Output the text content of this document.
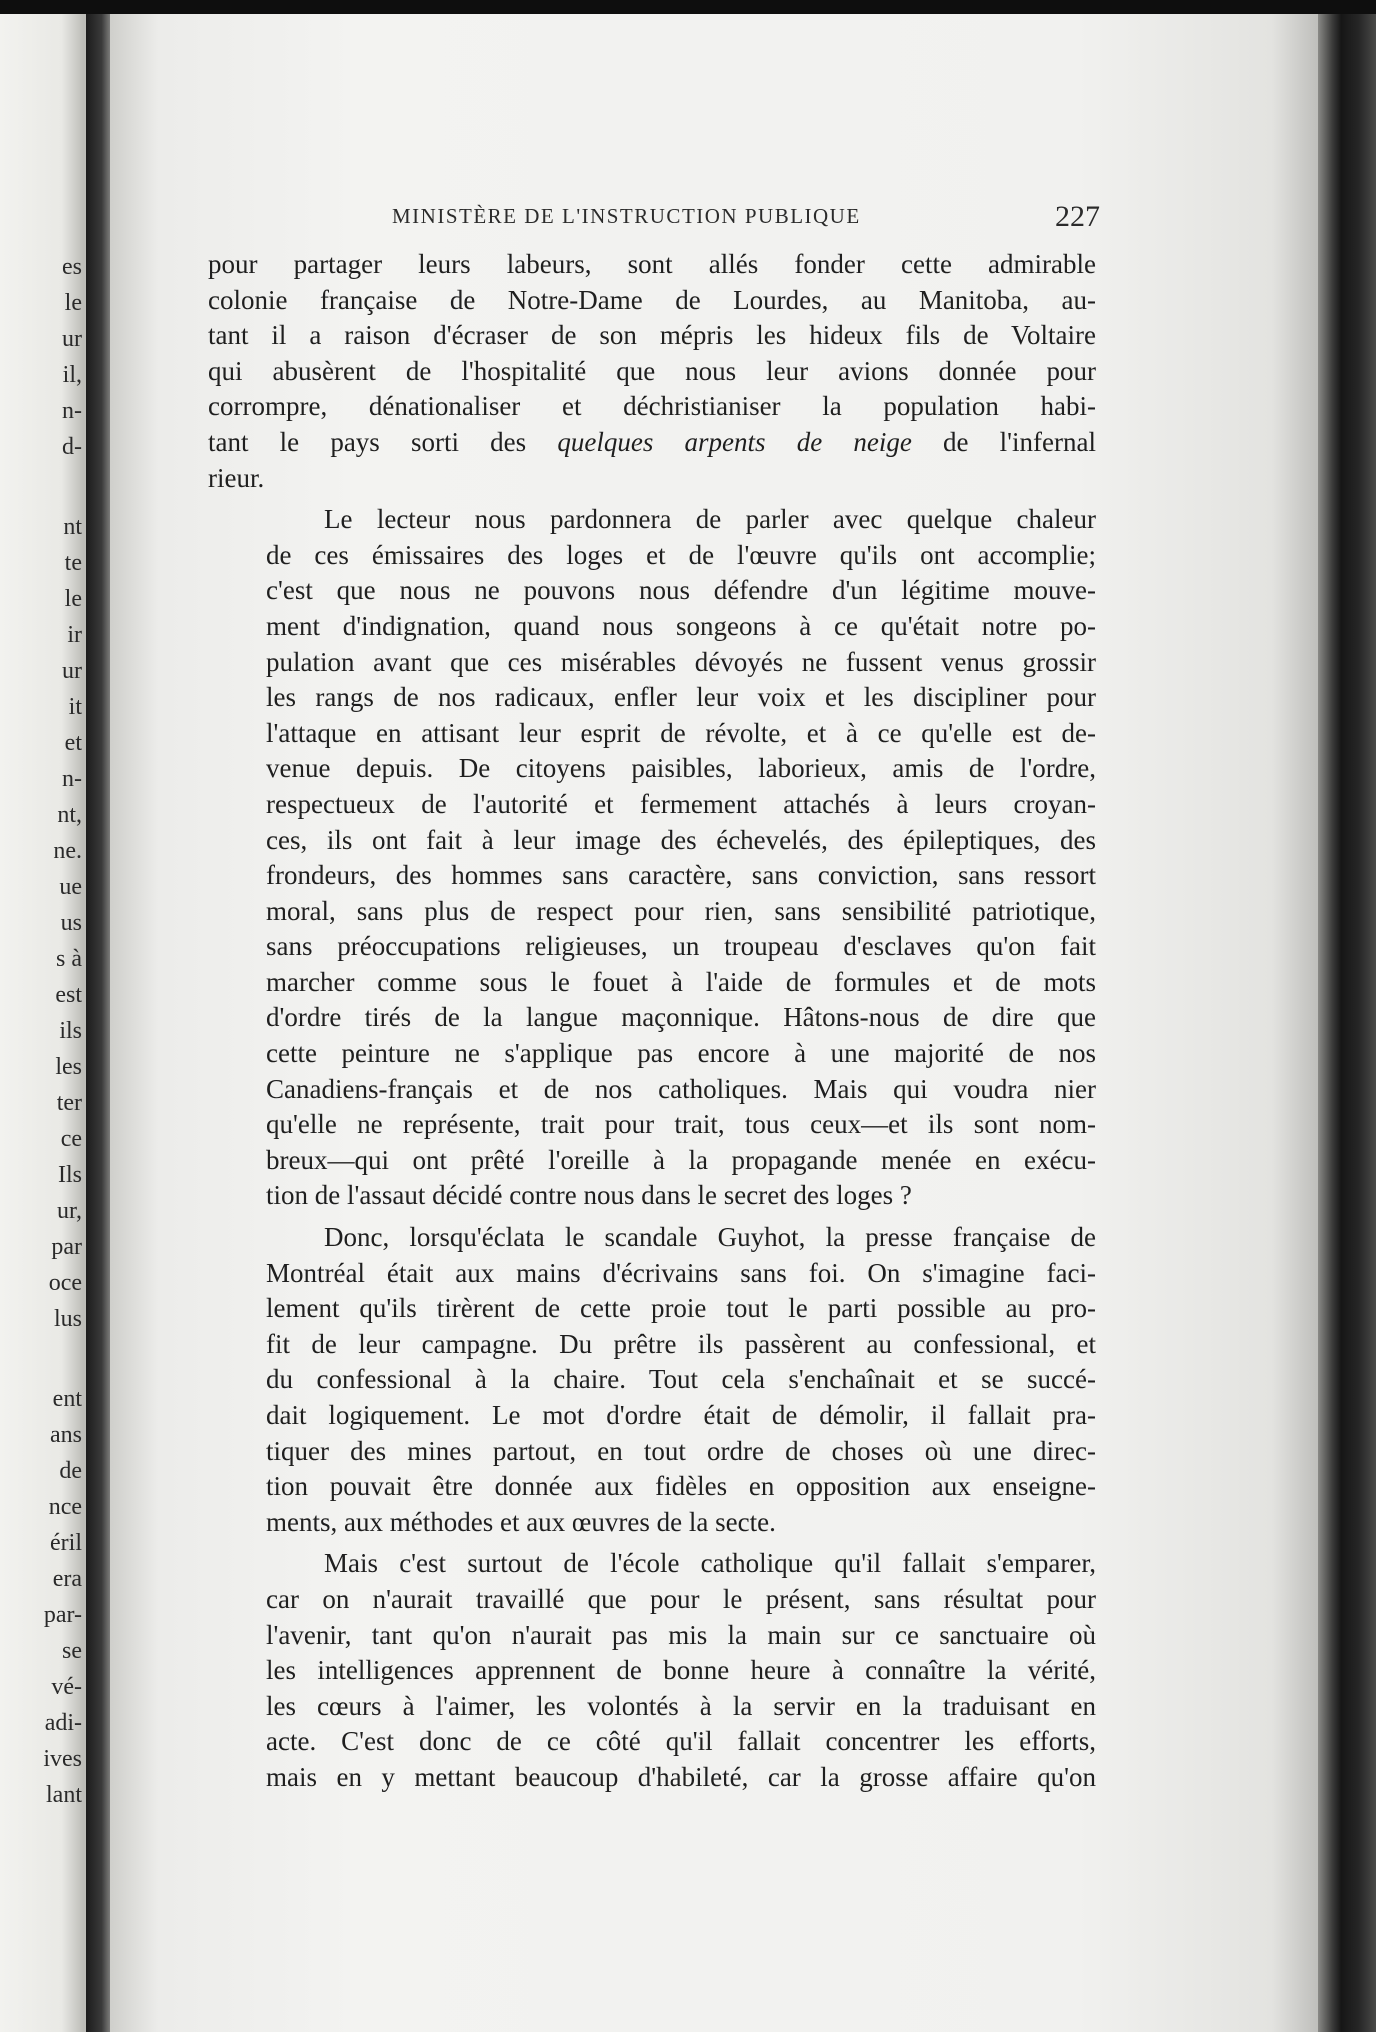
es
le
ur
il,
n-
d-
nt
te
le
ir
ur
it
et
n-
nt,
ne.
ue
us
s à
est
ils
les
ter
ce
Ils
ur,
par
oce
lus
ent
ans
de
nce
éril
era
par-
se
vé-
adi-
ives
lant
MINISTÈRE DE L'INSTRUCTION PUBLIQUE	227
pour partager leurs labeurs, sont allés fonder cette admirable
colonie française de Notre-Dame de Lourdes, au Manitoba, au-
tant il a raison d'écraser de son mépris les hideux fils de Voltaire
qui abusèrent de l'hospitalité que nous leur avions donnée pour
corrompre, dénationaliser et déchristianiser la population habi-
tant le pays sorti des quelques arpents de neige de l'infernal
rieur.
Le lecteur nous pardonnera de parler avec quelque chaleur
de ces émissaires des loges et de l'œuvre qu'ils ont accomplie;
c'est que nous ne pouvons nous défendre d'un légitime mouve-
ment d'indignation, quand nous songeons à ce qu'était notre po-
pulation avant que ces misérables dévoyés ne fussent venus grossir
les rangs de nos radicaux, enfler leur voix et les discipliner pour
l'attaque en attisant leur esprit de révolte, et à ce qu'elle est de-
venue depuis. De citoyens paisibles, laborieux, amis de l'ordre,
respectueux de l'autorité et fermement attachés à leurs croyan-
ces, ils ont fait à leur image des échevelés, des épileptiques, des
frondeurs, des hommes sans caractère, sans conviction, sans ressort
moral, sans plus de respect pour rien, sans sensibilité patriotique,
sans préoccupations religieuses, un troupeau d'esclaves qu'on fait
marcher comme sous le fouet à l'aide de formules et de mots
d'ordre tirés de la langue maçonnique. Hâtons-nous de dire que
cette peinture ne s'applique pas encore à une majorité de nos
Canadiens-français et de nos catholiques. Mais qui voudra nier
qu'elle ne représente, trait pour trait, tous ceux—et ils sont nom-
breux—qui ont prêté l'oreille à la propagande menée en exécu-
tion de l'assaut décidé contre nous dans le secret des loges ?
Donc, lorsqu'éclata le scandale Guyhot, la presse française de
Montréal était aux mains d'écrivains sans foi. On s'imagine faci-
lement qu'ils tirèrent de cette proie tout le parti possible au pro-
fit de leur campagne. Du prêtre ils passèrent au confessional, et
du confessional à la chaire. Tout cela s'enchaînait et se succé-
dait logiquement. Le mot d'ordre était de démolir, il fallait pra-
tiquer des mines partout, en tout ordre de choses où une direc-
tion pouvait être donnée aux fidèles en opposition aux enseigne-
ments, aux méthodes et aux œuvres de la secte.
Mais c'est surtout de l'école catholique qu'il fallait s'emparer,
car on n'aurait travaillé que pour le présent, sans résultat pour
l'avenir, tant qu'on n'aurait pas mis la main sur ce sanctuaire où
les intelligences apprennent de bonne heure à connaître la vérité,
les cœurs à l'aimer, les volontés à la servir en la traduisant en
acte. C'est donc de ce côté qu'il fallait concentrer les efforts,
mais en y mettant beaucoup d'habileté, car la grosse affaire qu'on
